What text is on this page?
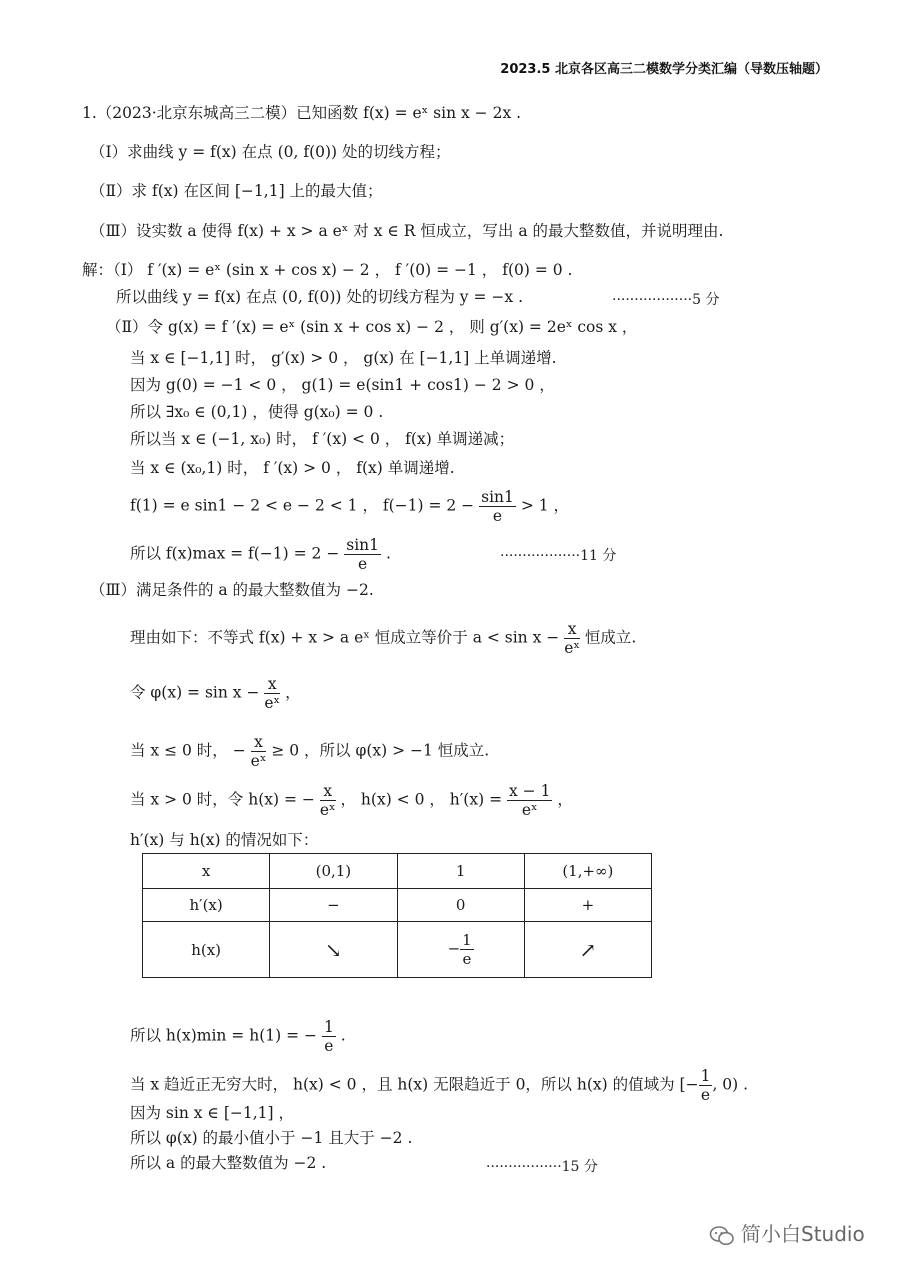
2023.5 北京各区高三二模数学分类汇编（导数压轴题）
1.（2023·北京东城高三二模）已知函数 f(x) = eˣ sin x − 2x .
（Ⅰ）求曲线 y = f(x) 在点 (0, f(0)) 处的切线方程；
（Ⅱ）求 f(x) 在区间 [−1,1] 上的最大值；
（Ⅲ）设实数 a 使得 f(x) + x > a eˣ 对 x ∈ R 恒成立，写出 a 的最大整数值，并说明理由.
解：（Ⅰ） f ′(x) = eˣ (sin x + cos x) − 2 ， f ′(0) = −1 ， f(0) = 0 .
所以曲线 y = f(x) 在点 (0, f(0)) 处的切线方程为 y = −x .	··················5 分
（Ⅱ）令 g(x) = f ′(x) = eˣ (sin x + cos x) − 2 ， 则 g′(x) = 2eˣ cos x ，
当 x ∈ [−1,1] 时， g′(x) > 0 ， g(x) 在 [−1,1] 上单调递增.
因为 g(0) = −1 < 0 ， g(1) = e(sin1 + cos1) − 2 > 0 ，
所以 ∃x₀ ∈ (0,1) ，使得 g(x₀) = 0 .
所以当 x ∈ (−1, x₀) 时， f ′(x) < 0 ， f(x) 单调递减；
当 x ∈ (x₀,1) 时， f ′(x) > 0 ， f(x) 单调递增.
f(1) = e sin1 − 2 < e − 2 < 1 ， $f(-1) = 2 - \frac{\sin 1}{e} > 1$ ，
所以 $f(x)\max = f(-1) = 2 - \frac{\sin 1}{e}$ .	··················11 分
（Ⅲ）满足条件的 a 的最大整数值为 −2.
理由如下：不等式 f(x) + x > a eˣ 恒成立等价于 $a < \sin x - \frac{x}{\text{eˣ}}$ 恒成立.
令 $\varphi(x) = \sin x - \frac{x}{\text{eˣ}}$ ，
当 x ≤ 0 时， − $\frac{x}{\text{eˣ}} \ge 0$ ，所以 φ(x) > −1 恒成立.
当 x > 0 时，令 h(x) = − $\frac{x}{\text{eˣ}}$ ， h(x) < 0 ， $h'(x) = \frac{x - 1}{\text{eˣ}}$ ，
h′(x) 与 h(x) 的情况如下：
x	(0,1)	1	(1,+∞)
h′(x)	−	0	+
h(x)	↘	− $\frac{1}{e}$	↗
所以 h(x)min = h(1) = − $\frac{1}{e}$ .
当 x 趋近正无穷大时， h(x) < 0 ，且 h(x) 无限趋近于 0，所以 h(x) 的值域为 [− $\frac{1}{e}$ , 0) .
因为 sin x ∈ [−1,1] ，
所以 φ(x) 的最小值小于 −1 且大于 −2 .
所以 a 的最大整数值为 −2 .	·················15 分
简小白Studio
